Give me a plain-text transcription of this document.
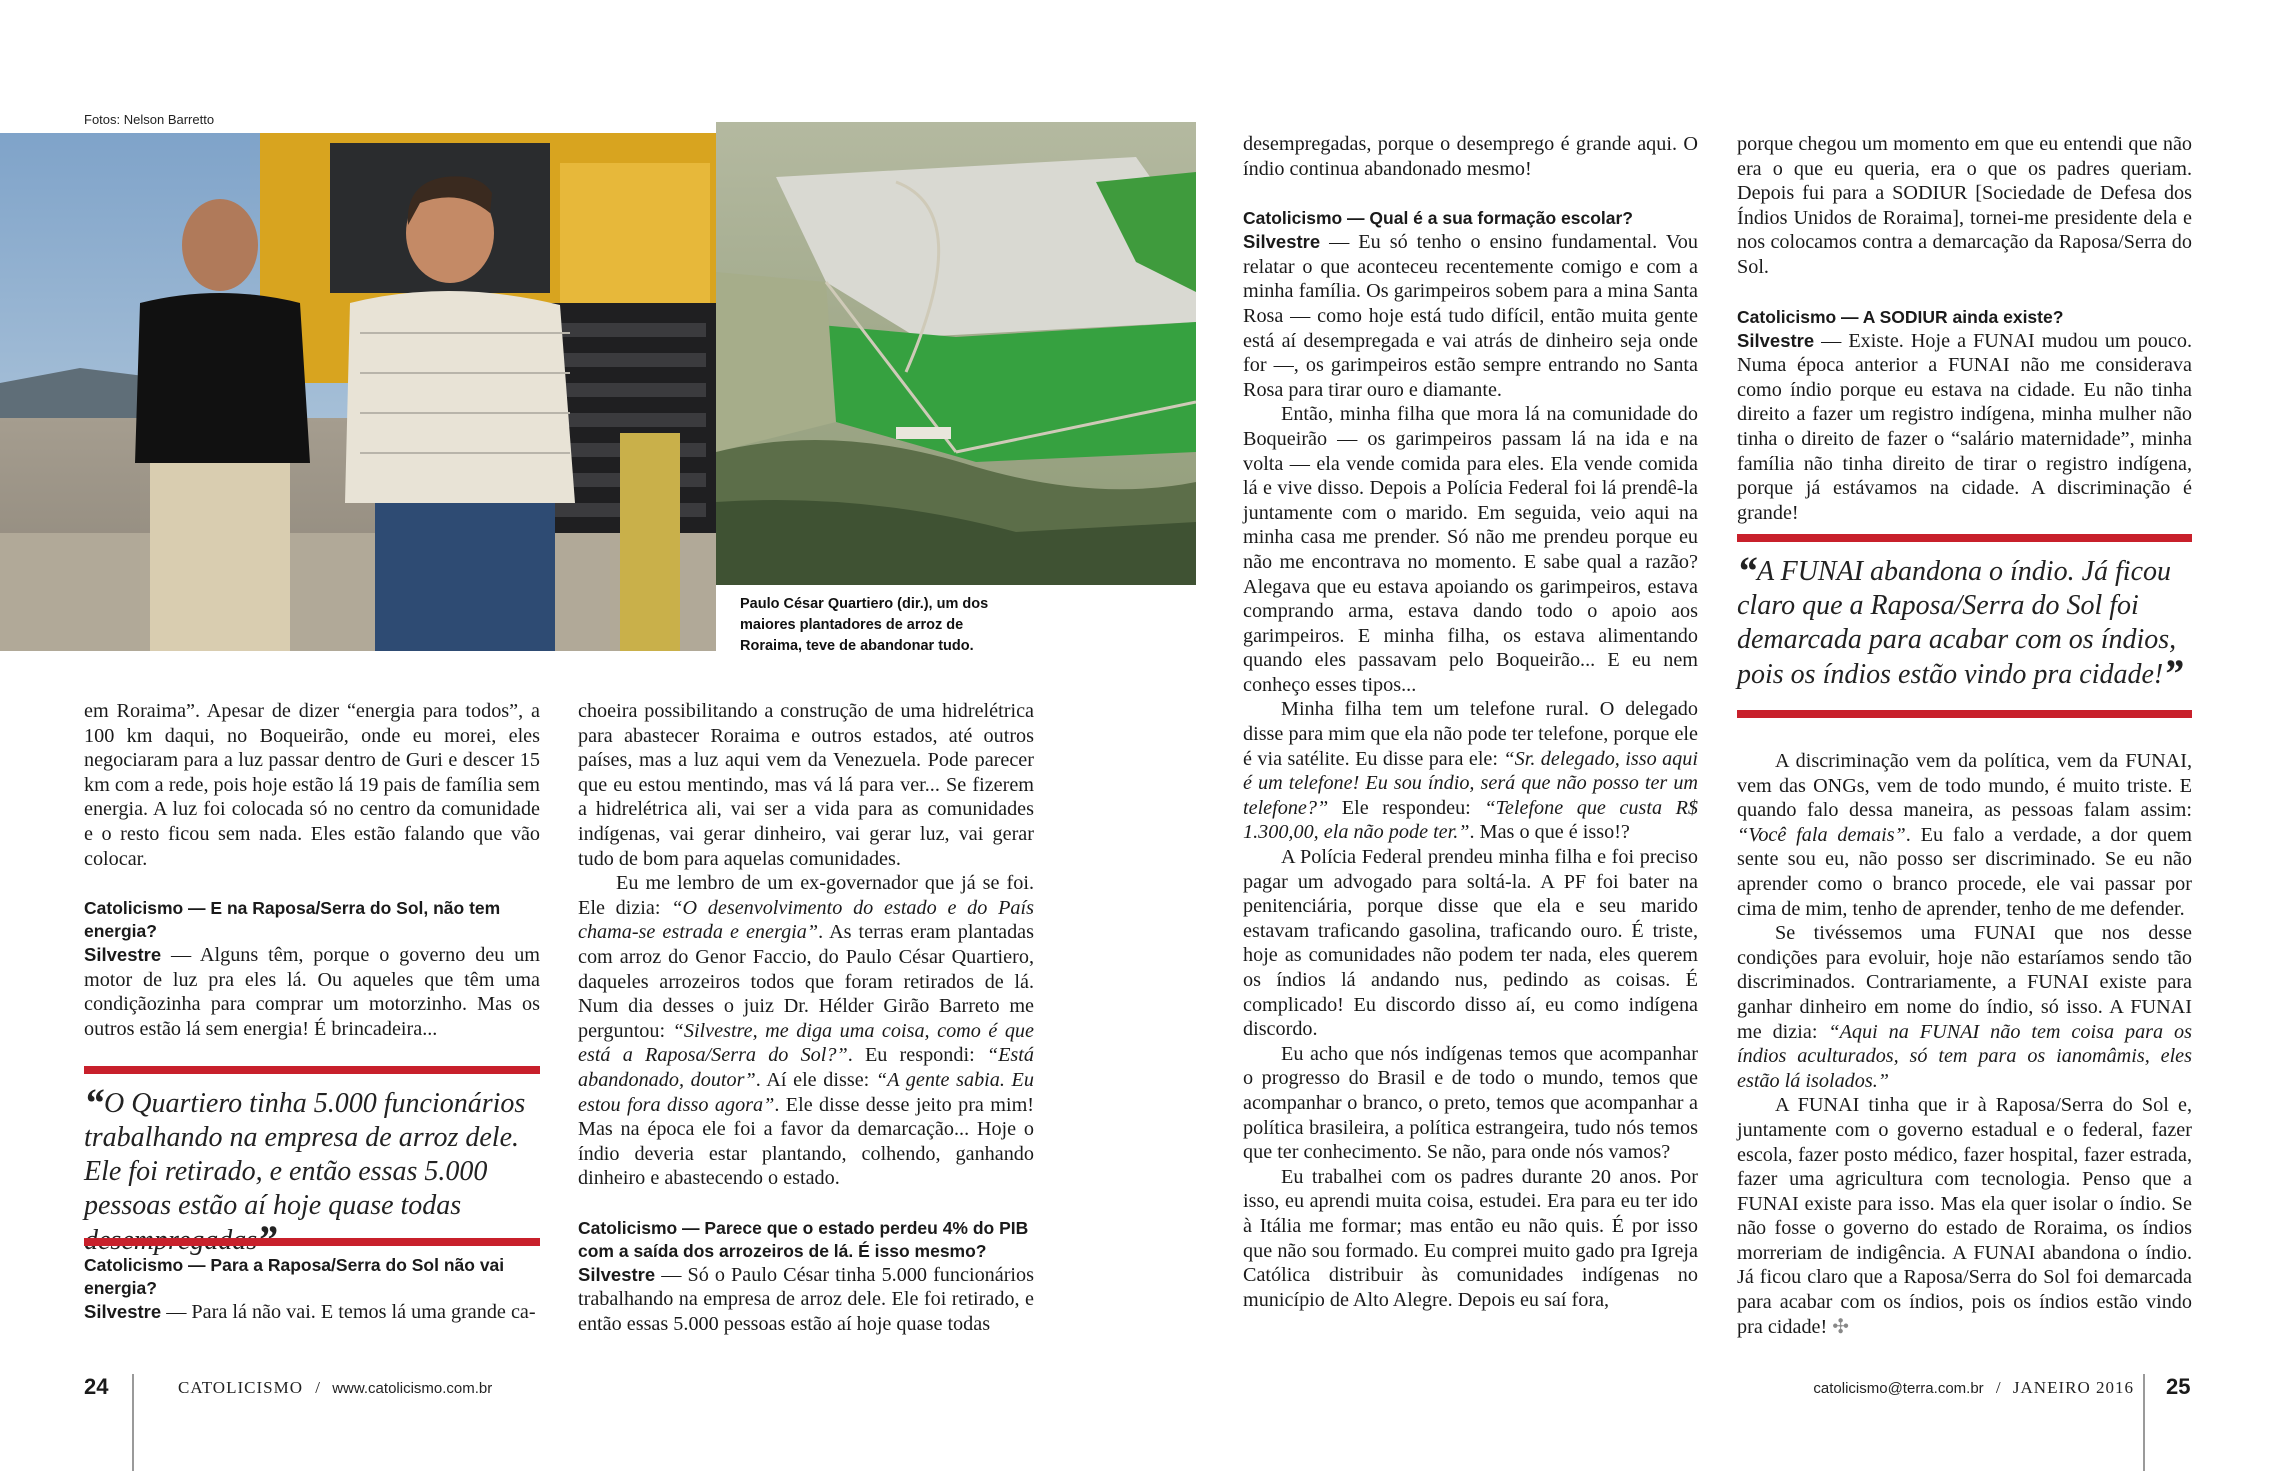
Fotos: Nelson Barretto
Paulo César Quartiero (dir.), um dos maiores plantadores de arroz de Roraima, teve de abandonar tudo.

em Roraima”. Apesar de dizer “energia para todos”, a 100 km daqui, no Boqueirão, onde eu morei, eles negociaram para a luz passar dentro de Guri e descer 15 km com a rede, pois hoje estão lá 19 pais de família sem energia. A luz foi colocada só no centro da comunidade e o resto ficou sem nada. Eles estão falando que vão colocar.

Catolicismo — E na Raposa/Serra do Sol, não tem energia?

Silvestre — Alguns têm, porque o governo deu um motor de luz pra eles lá. Ou aqueles que têm uma condiçãozinha para comprar um motorzinho. Mas os outros estão lá sem energia! É brincadeira...

“O Quartiero tinha 5.000 funcionários trabalhando na empresa de arroz dele. Ele foi retirado, e então essas 5.000 pessoas estão aí hoje quase todas
Catolicismo — Para a Raposa/Serra do Sol não vai energia?

Silvestre — Para lá não vai. E temos lá uma grande ca-

choeira possibilitando a construção de uma hidrelétrica para abastecer Roraima e outros estados, até outros países, mas a luz aqui vem da Venezuela. Pode parecer que eu estou mentindo, mas vá lá para ver... Se fizerem a hidrelétrica ali, vai ser a vida para as comunidades indígenas, vai gerar dinheiro, vai gerar luz, vai gerar tudo de bom para aquelas comunidades.

Eu me lembro de um ex-governador que já se foi. Ele dizia: “O desenvolvimento do estado e do País chama-se estrada e energia”. As terras eram plantadas com arroz do Genor Faccio, do Paulo César Quartiero, daqueles arrozeiros todos que foram retirados de lá. Num dia desses o juiz Dr. Hélder Girão Barreto me perguntou: “Silvestre, me diga uma coisa, como é que está a Raposa/Serra do Sol?”. Eu respondi: “Está abandonado, doutor”. Aí ele disse: “A gente sabia. Eu estou fora disso agora”. Ele disse desse jeito pra mim! Mas na época ele foi a favor da demarcação... Hoje o índio deveria estar plantando, colhendo, ganhando dinheiro e abastecendo o estado.

Catolicismo — Parece que o estado perdeu 4% do PIB com a saída dos arrozeiros de lá. É isso mesmo?

Silvestre — Só o Paulo César tinha 5.000 funcionários trabalhando na empresa de arroz dele. Ele foi retirado, e então essas 5.000 pessoas estão aí hoje quase todas

24	CATOLICISMO / www.catolicismo.com.br

desempregadas, porque o desemprego é grande aqui. O índio continua abandonado mesmo!

Catolicismo — Qual é a sua formação escolar?

Silvestre — Eu só tenho o ensino fundamental. Vou relatar o que aconteceu recentemente comigo e com a minha família. Os garimpeiros sobem para a mina Santa Rosa — como hoje está tudo difícil, então muita gente está aí desempregada e vai atrás de dinheiro seja onde for —, os garimpeiros estão sempre entrando no Santa Rosa para tirar ouro e diamante.

Então, minha filha que mora lá na comunidade do Boqueirão — os garimpeiros passam lá na ida e na volta — ela vende comida para eles. Ela vende comida lá e vive disso. Depois a Polícia Federal foi lá prendê-la juntamente com o marido. Em seguida, veio aqui na minha casa me prender. Só não me prendeu porque eu não me encontrava no momento. E sabe qual a razão? Alegava que eu estava apoiando os garimpeiros, estava comprando arma, estava dando todo o apoio aos garimpeiros. E minha filha, os estava alimentando quando eles passavam pelo Boqueirão... E eu nem conheço esses tipos...

Minha filha tem um telefone rural. O delegado disse para mim que ela não pode ter telefone, porque ele é via satélite. Eu disse para ele: “Sr. delegado, isso aqui é um telefone! Eu sou índio, será que não posso ter um telefone?” Ele respondeu: “Telefone que custa R$ 1.300,00, ela não pode ter.”. Mas o que é isso!?

A Polícia Federal prendeu minha filha e foi preciso pagar um advogado para soltá-la. A PF foi bater na penitenciária, porque disse que ela e seu marido estavam traficando gasolina, traficando ouro. É triste, hoje as comunidades não podem ter nada, eles querem os índios lá andando nus, pedindo as coisas. É complicado! Eu discordo disso aí, eu como indígena discordo.

Eu acho que nós indígenas temos que acompanhar o progresso do Brasil e de todo o mundo, temos que acompanhar o branco, o preto, temos que acompanhar a política brasileira, a política estrangeira, tudo nós temos que ter conhecimento. Se não, para onde nós vamos?

Eu trabalhei com os padres durante 20 anos. Por isso, eu aprendi muita coisa, estudei. Era para eu ter ido à Itália me formar; mas então eu não quis. É por isso que não sou formado. Eu comprei muito gado pra Igreja Católica distribuir às comunidades indígenas no município de Alto Alegre. Depois eu saí fora,

porque chegou um momento em que eu entendi que não era o que eu queria, era o que os padres queriam. Depois fui para a SODIUR [Sociedade de Defesa dos Índios Unidos de Roraima], tornei-me presidente dela e nos colocamos contra a demarcação da Raposa/Serra do Sol.

Catolicismo — A SODIUR ainda existe?

Silvestre — Existe. Hoje a FUNAI mudou um pouco. Numa época anterior a FUNAI não me considerava como índio porque eu estava na cidade. Eu não tinha direito a fazer um registro indígena, minha mulher não tinha o direito de fazer o “salário maternidade”, minha família não tinha direito de tirar o registro indígena, porque já estávamos na cidade. A discriminação é grande!

“A FUNAI abandona o índio. Já ficou claro que a Raposa/Serra do Sol foi demarcada para acabar com os índios, pois os índios estão vindo pra cidade!”

A discriminação vem da política, vem da FUNAI, vem das ONGs, vem de todo mundo, é muito triste. E quando falo dessa maneira, as pessoas falam assim: “Você fala demais”. Eu falo a verdade, a dor quem sente sou eu, não posso ser discriminado. Se eu não aprender como o branco procede, ele vai passar por cima de mim, tenho de aprender, tenho de me defender.

Se tivéssemos uma FUNAI que nos desse condições para evoluir, hoje não estaríamos sendo tão discriminados. Contrariamente, a FUNAI existe para ganhar dinheiro em nome do índio, só isso. A FUNAI me dizia: “Aqui na FUNAI não tem coisa para os índios aculturados, só tem para os ianomâmis, eles estão lá isolados.”

A FUNAI tinha que ir à Raposa/Serra do Sol e, juntamente com o governo estadual e o federal, fazer escola, fazer posto médico, fazer hospital, fazer estrada, fazer uma agricultura com tecnologia. Penso que a FUNAI existe para isso. Mas ela quer isolar o índio. Se não fosse o governo do estado de Roraima, os índios morreriam de indigência. A FUNAI abandona o índio. Já ficou claro que a Raposa/Serra do Sol foi demarcada para acabar com os índios, pois os índios estão vindo pra cidade! ✣

catolicismo@terra.com.br / JANEIRO 2016 25
